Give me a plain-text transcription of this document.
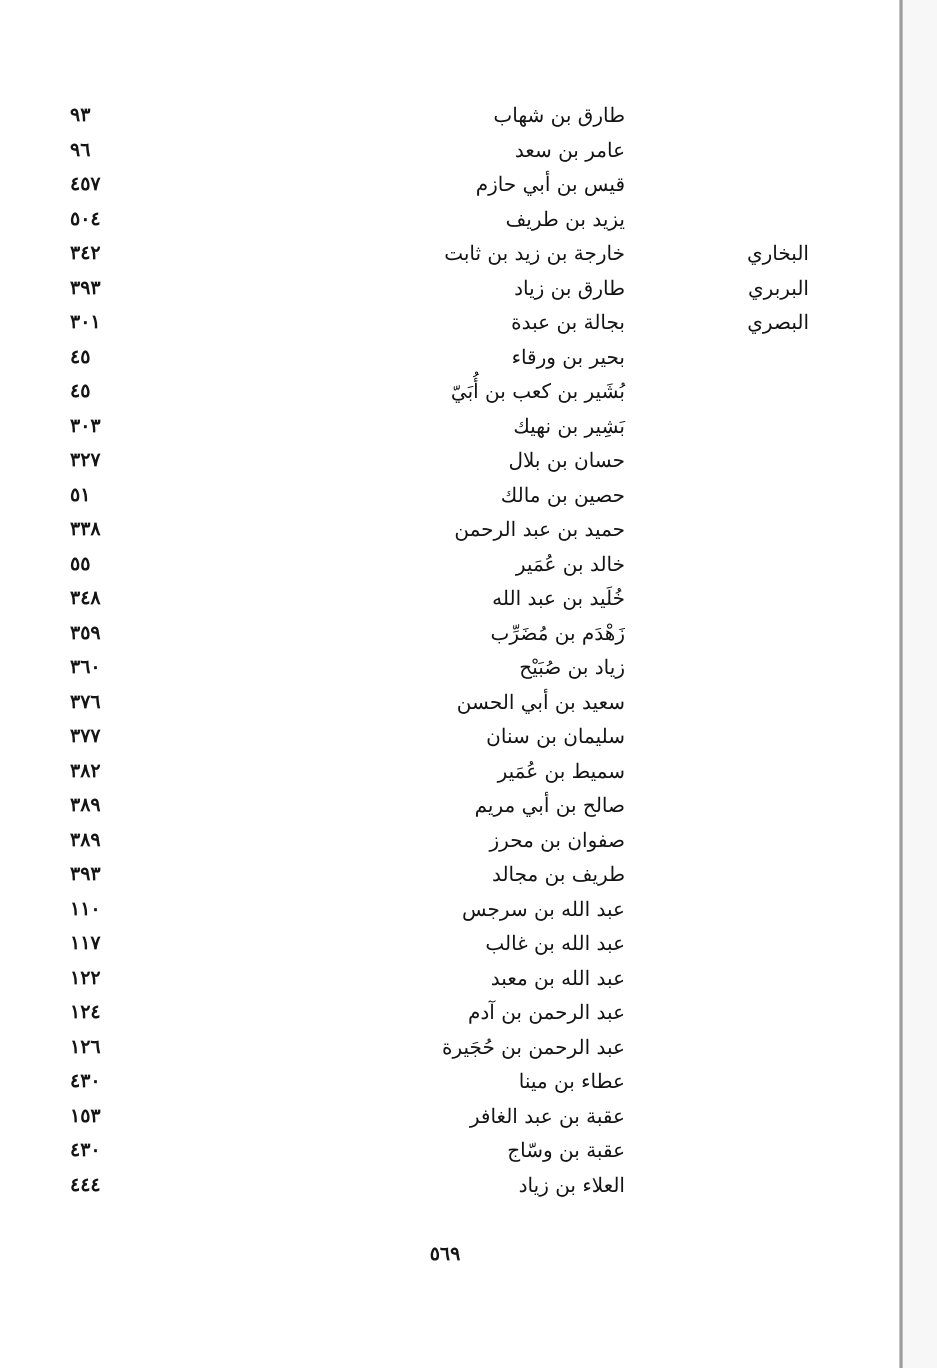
طارق بن شهاب
٩٣
عامر بن سعد
٩٦
قيس بن أبي حازم
٤٥٧
يزيد بن طريف
٥٠٤
البخاري
خارجة بن زيد بن ثابت
٣٤٢
البربري
طارق بن زياد
٣٩٣
البصري
بجالة بن عبدة
٣٠١
بحير بن ورقاء
٤٥
بُشَير بن كعب بن أُبَيّ
٤٥
بَشِير بن نهيك
٣٠٣
حسان بن بلال
٣٢٧
حصين بن مالك
٥١
حميد بن عبد الرحمن
٣٣٨
خالد بن عُمَير
٥٥
خُلَيد بن عبد الله
٣٤٨
زَهْدَم بن مُضَرِّب
٣٥٩
زياد بن صُبَيْح
٣٦٠
سعيد بن أبي الحسن
٣٧٦
سليمان بن سنان
٣٧٧
سميط بن عُمَير
٣٨٢
صالح بن أبي مريم
٣٨٩
صفوان بن محرز
٣٨٩
طريف بن مجالد
٣٩٣
عبد الله بن سرجس
١١٠
عبد الله بن غالب
١١٧
عبد الله بن معبد
١٢٢
عبد الرحمن بن آدم
١٢٤
عبد الرحمن بن حُجَيرة
١٢٦
عطاء بن مينا
٤٣٠
عقبة بن عبد الغافر
١٥٣
عقبة بن وسّاج
٤٣٠
العلاء بن زياد
٤٤٤
٥٦٩
